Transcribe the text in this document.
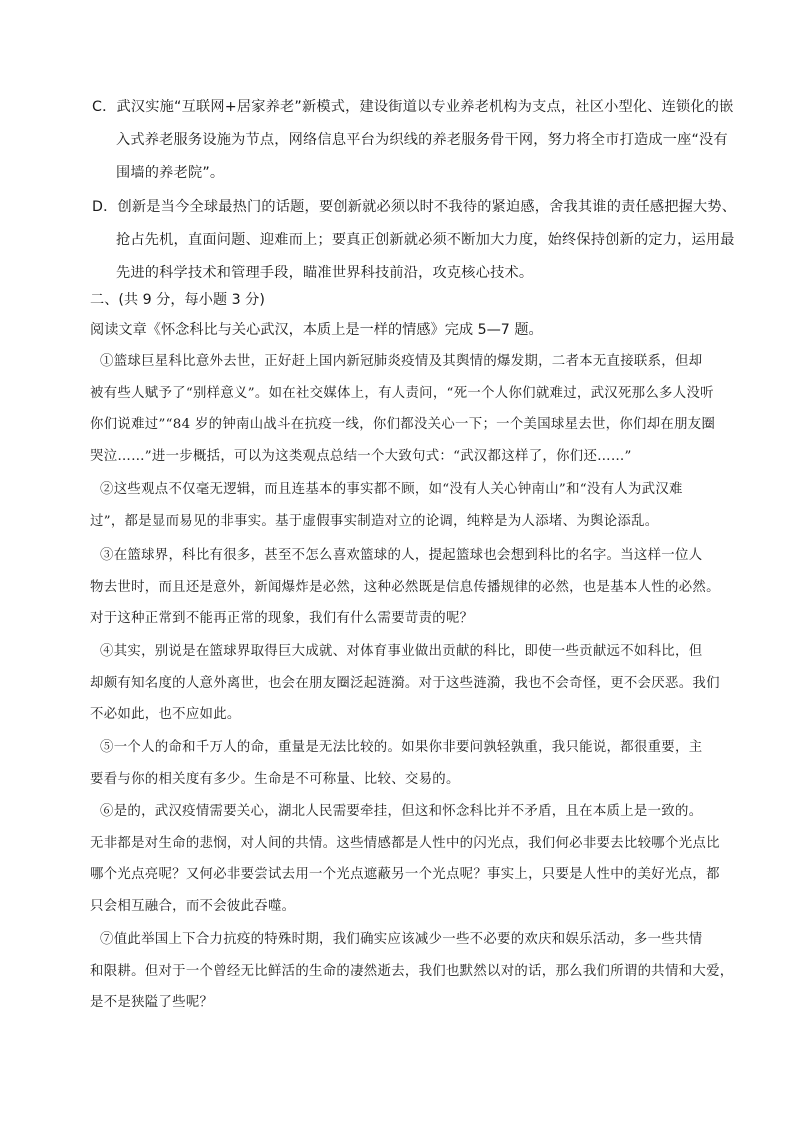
C．武汉实施“互联网+居家养老”新模式，建设街道以专业养老机构为支点，社区小型化、连锁化的嵌
入式养老服务设施为节点，网络信息平台为织线的养老服务骨干网，努力将全市打造成一座“没有
围墙的养老院”。
D．创新是当今全球最热门的话题，要创新就必须以时不我待的紧迫感，舍我其谁的责任感把握大势、
抢占先机，直面问题、迎难而上；要真正创新就必须不断加大力度，始终保持创新的定力，运用最
先进的科学技术和管理手段，瞄准世界科技前沿，攻克核心技术。
二、(共 9 分，每小题 3 分)
阅读文章《怀念科比与关心武汉，本质上是一样的情感》完成 5—7 题。
①篮球巨星科比意外去世，正好赶上国内新冠肺炎疫情及其舆情的爆发期，二者本无直接联系，但却
被有些人赋予了“别样意义”。如在社交媒体上，有人责问，“死一个人你们就难过，武汉死那么多人没听
你们说难过”“84 岁的钟南山战斗在抗疫一线，你们都没关心一下；一个美国球星去世，你们却在朋友圈
哭泣……”进一步概括，可以为这类观点总结一个大致句式：“武汉都这样了，你们还……”
②这些观点不仅毫无逻辑，而且连基本的事实都不顾，如“没有人关心钟南山”和“没有人为武汉难
过”，都是显而易见的非事实。基于虚假事实制造对立的论调，纯粹是为人添堵、为舆论添乱。
③在篮球界，科比有很多，甚至不怎么喜欢篮球的人，提起篮球也会想到科比的名字。当这样一位人
物去世时，而且还是意外，新闻爆炸是必然，这种必然既是信息传播规律的必然，也是基本人性的必然。
对于这种正常到不能再正常的现象，我们有什么需要苛责的呢？
④其实，别说是在篮球界取得巨大成就、对体育事业做出贡献的科比，即使一些贡献远不如科比，但
却颇有知名度的人意外离世，也会在朋友圈泛起涟漪。对于这些涟漪，我也不会奇怪，更不会厌恶。我们
不必如此，也不应如此。
⑤一个人的命和千万人的命，重量是无法比较的。如果你非要问孰轻孰重，我只能说，都很重要，主
要看与你的相关度有多少。生命是不可称量、比较、交易的。
⑥是的，武汉疫情需要关心，湖北人民需要牵挂，但这和怀念科比并不矛盾，且在本质上是一致的。
无非都是对生命的悲悯，对人间的共情。这些情感都是人性中的闪光点，我们何必非要去比较哪个光点比
哪个光点亮呢？又何必非要尝试去用一个光点遮蔽另一个光点呢？事实上，只要是人性中的美好光点，都
只会相互融合，而不会彼此吞噬。
⑦值此举国上下合力抗疫的特殊时期，我们确实应该减少一些不必要的欢庆和娱乐活动，多一些共情
和限耕。但对于一个曾经无比鲜活的生命的凄然逝去，我们也默然以对的话，那么我们所谓的共情和大爱，
是不是狭隘了些呢？
